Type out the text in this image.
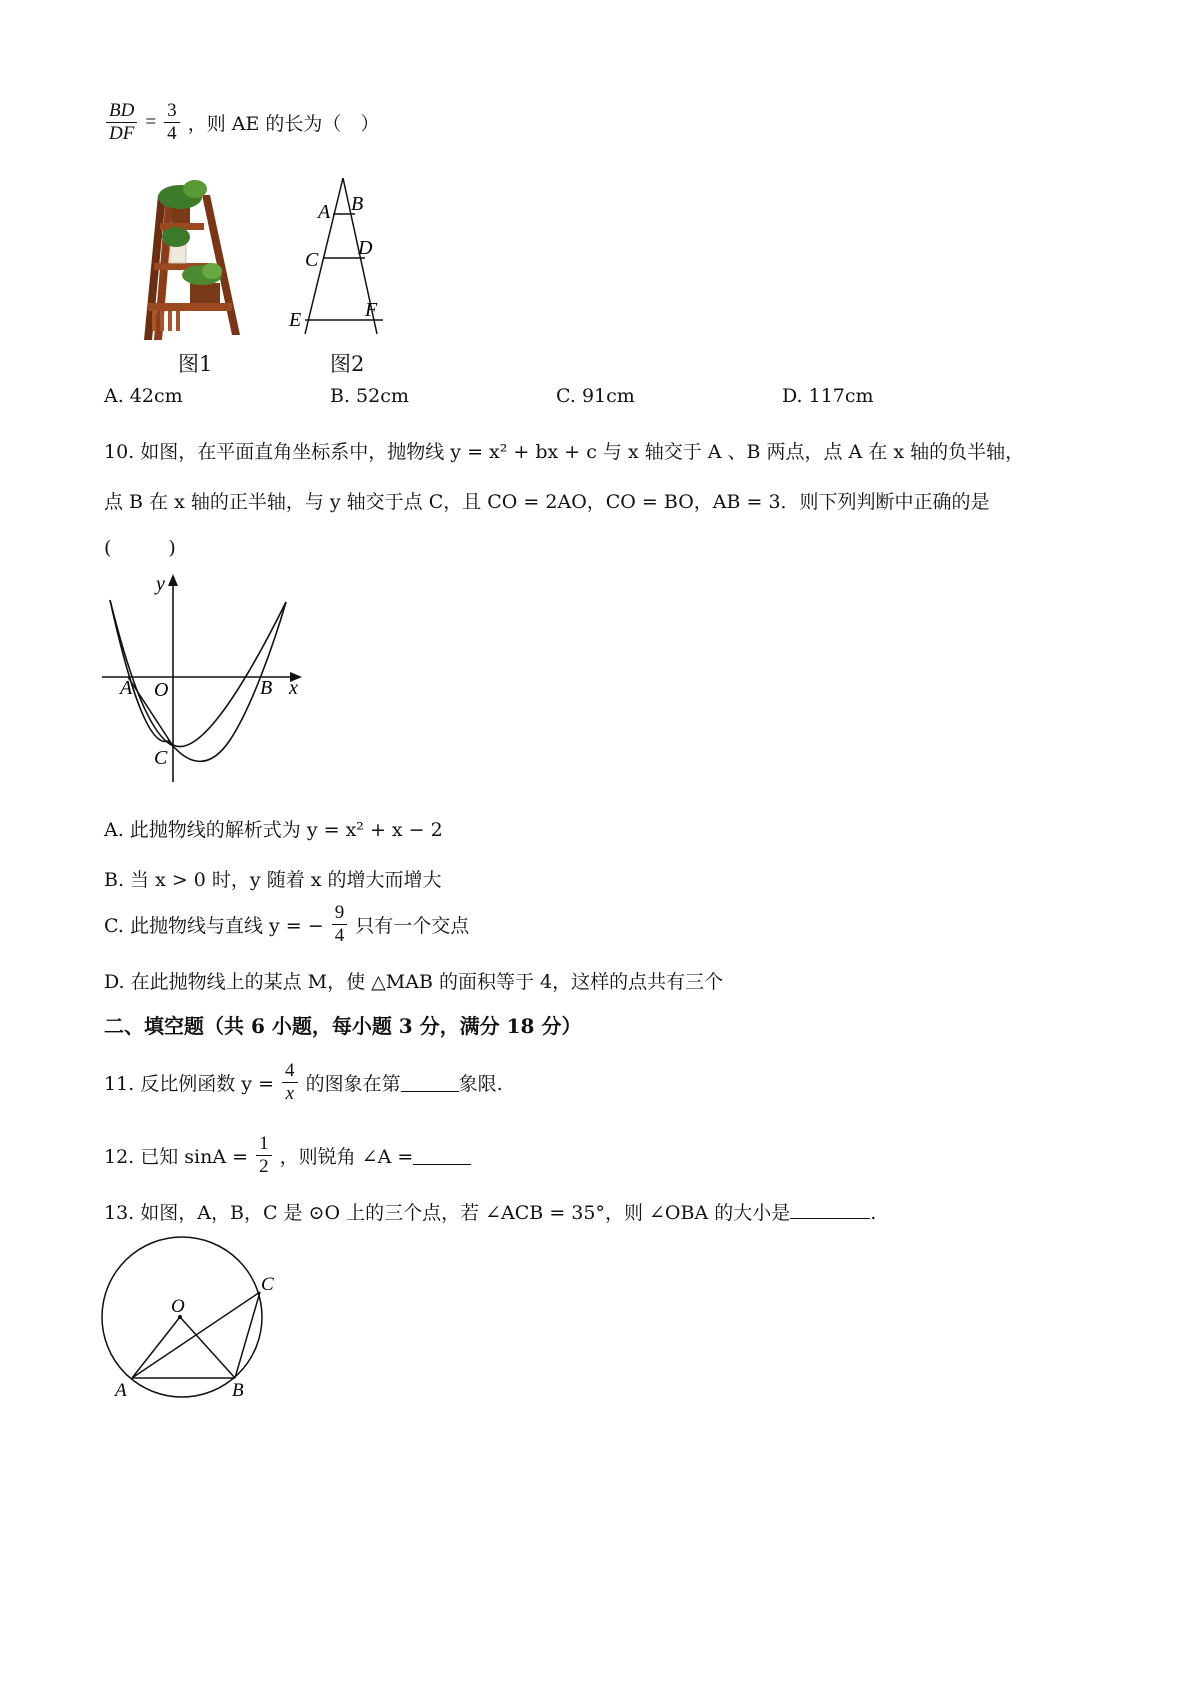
$\frac{BD}{DF} = \frac{3}{4}$ ，则 AE 的长为（　）
图1
A B
C
D
E	F
图2
A. 42cm	B. 52cm	C. 91cm	D. 117cm
10. 如图，在平面直角坐标系中，抛物线 y = x² + bx + c 与 x 轴交于 A 、B 两点，点 A 在 x 轴的负半轴，
点 B 在 x 轴的正半轴，与 y 轴交于点 C，且 CO = 2AO，CO = BO，AB = 3．则下列判断中正确的是
(　　　)
y
x
A O	B
C
A. 此抛物线的解析式为 y = x² + x − 2
B. 当 x > 0 时，y 随着 x 的增大而增大
C. 此抛物线与直线 y = − $\frac{9}{4}$ 只有一个交点
D. 在此抛物线上的某点 M，使 △MAB 的面积等于 4，这样的点共有三个
二、填空题（共 6 小题，每小题 3 分，满分 18 分）
11. 反比例函数 $y = \frac{4}{x}$ 的图象在第	象限.
12. 已知 $\sin A = \frac{1}{2}$ ，则锐角 ∠A =
13. 如图，A，B，C 是 ⊙O 上的三个点，若 ∠ACB = 35°，则 ∠OBA 的大小是	.
O
A	B
C
